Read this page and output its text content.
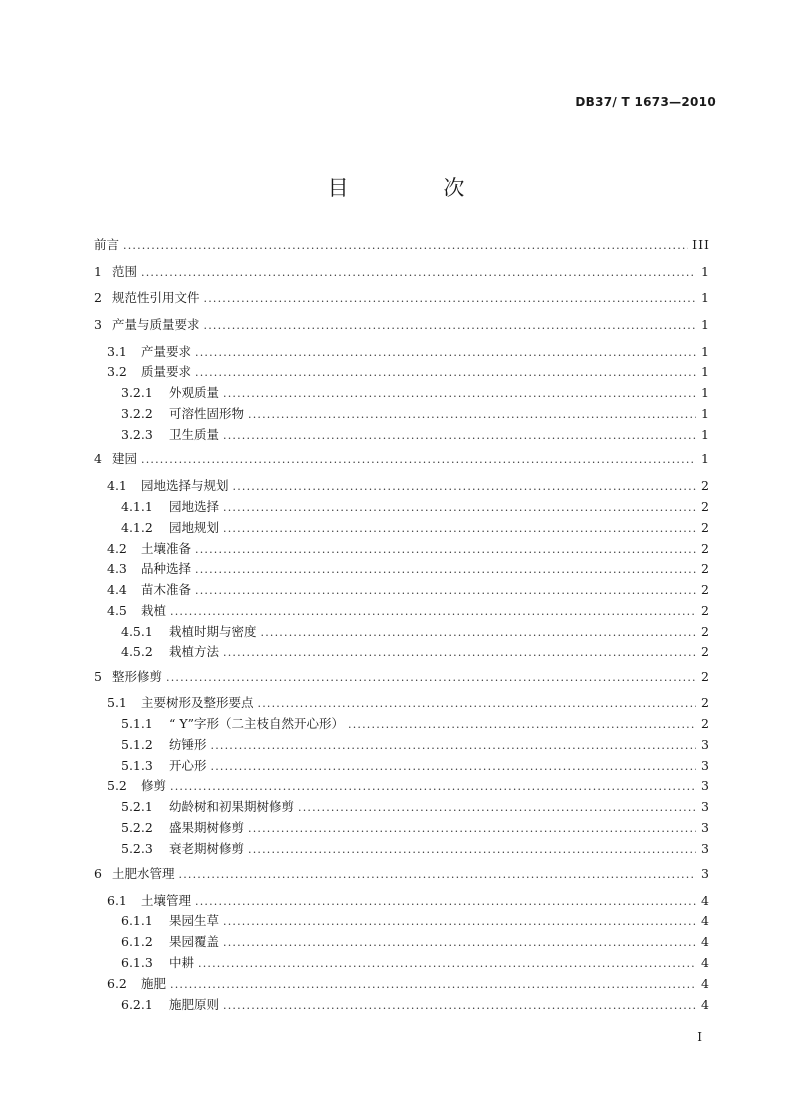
DB37/ T 1673—2010
目 次
前言 .....	III
1 范围 .....	1
2 规范性引用文件 .....	1
3 产量与质量要求 .....	1
3.1	产量要求 .....	1
3.2	质量要求 .....	1
3.2.1	外观质量 .....	1
3.2.2	可溶性固形物 .....	1
3.2.3	卫生质量 .....	1
4 建园 .....	1
4.1	园地选择与规划 .....	2
4.1.1	园地选择 .....	2
4.1.2	园地规划 .....	2
4.2	土壤准备 .....	2
4.3	品种选择 .....	2
4.4	苗木准备 .....	2
4.5	栽植 .....	2
4.5.1	栽植时期与密度 .....	2
4.5.2	栽植方法 .....	2
5 整形修剪 .....	2
5.1	主要树形及整形要点 .....	2
5.1.1	“ Y”字形（二主枝自然开心形） .....	2
5.1.2	纺锤形 .....	3
5.1.3	开心形 .....	3
5.2	修剪 .....	3
5.2.1	幼龄树和初果期树修剪 .....	3
5.2.2	盛果期树修剪 .....	3
5.2.3	衰老期树修剪 .....	3
6 土肥水管理 .....	3
6.1	土壤管理 .....	4
6.1.1	果园生草 .....	4
6.1.2	果园覆盖 .....	4
6.1.3	中耕 .....	4
6.2	施肥 .....	4
6.2.1	施肥原则 .....	4
I
